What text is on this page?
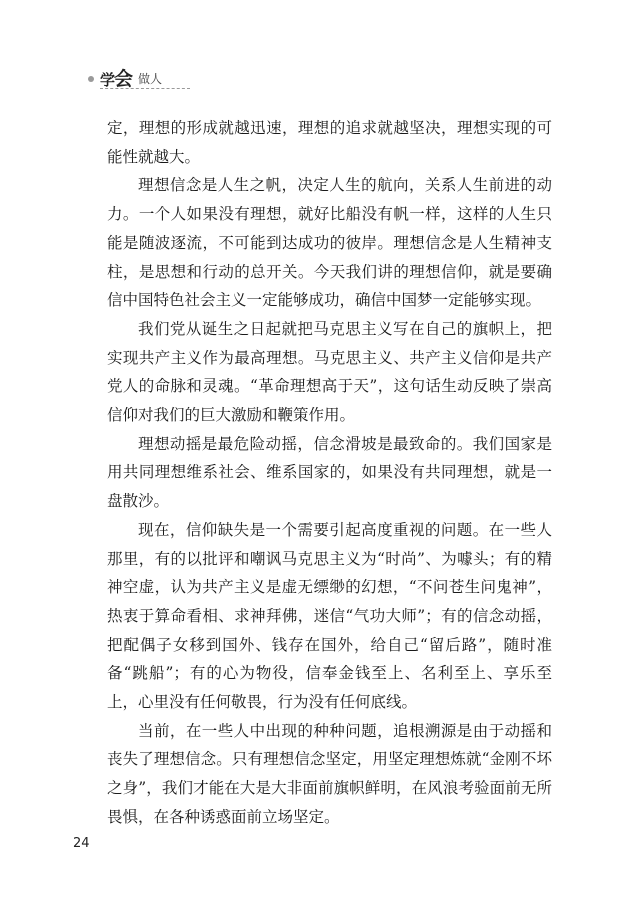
学会 做人

定，理想的形成就越迅速，理想的追求就越坚决，理想实现的可能性就越大。

理想信念是人生之帆，决定人生的航向，关系人生前进的动力。一个人如果没有理想，就好比船没有帆一样，这样的人生只能是随波逐流，不可能到达成功的彼岸。理想信念是人生精神支柱，是思想和行动的总开关。今天我们讲的理想信仰，就是要确信中国特色社会主义一定能够成功，确信中国梦一定能够实现。

我们党从诞生之日起就把马克思主义写在自己的旗帜上，把实现共产主义作为最高理想。马克思主义、共产主义信仰是共产党人的命脉和灵魂。“革命理想高于天”，这句话生动反映了崇高信仰对我们的巨大激励和鞭策作用。

理想动摇是最危险动摇，信念滑坡是最致命的。我们国家是用共同理想维系社会、维系国家的，如果没有共同理想，就是一盘散沙。

现在，信仰缺失是一个需要引起高度重视的问题。在一些人那里，有的以批评和嘲讽马克思主义为“时尚”、为噱头；有的精神空虚，认为共产主义是虚无缥缈的幻想，“不问苍生问鬼神”，热衷于算命看相、求神拜佛，迷信“气功大师”；有的信念动摇，把配偶子女移到国外、钱存在国外，给自己“留后路”，随时准备“跳船”；有的心为物役，信奉金钱至上、名利至上、享乐至上，心里没有任何敬畏，行为没有任何底线。

当前，在一些人中出现的种种问题，追根溯源是由于动摇和丧失了理想信念。只有理想信念坚定，用坚定理想炼就“金刚不坏之身”，我们才能在大是大非面前旗帜鲜明，在风浪考验面前无所畏惧，在各种诱惑面前立场坚定。

24
